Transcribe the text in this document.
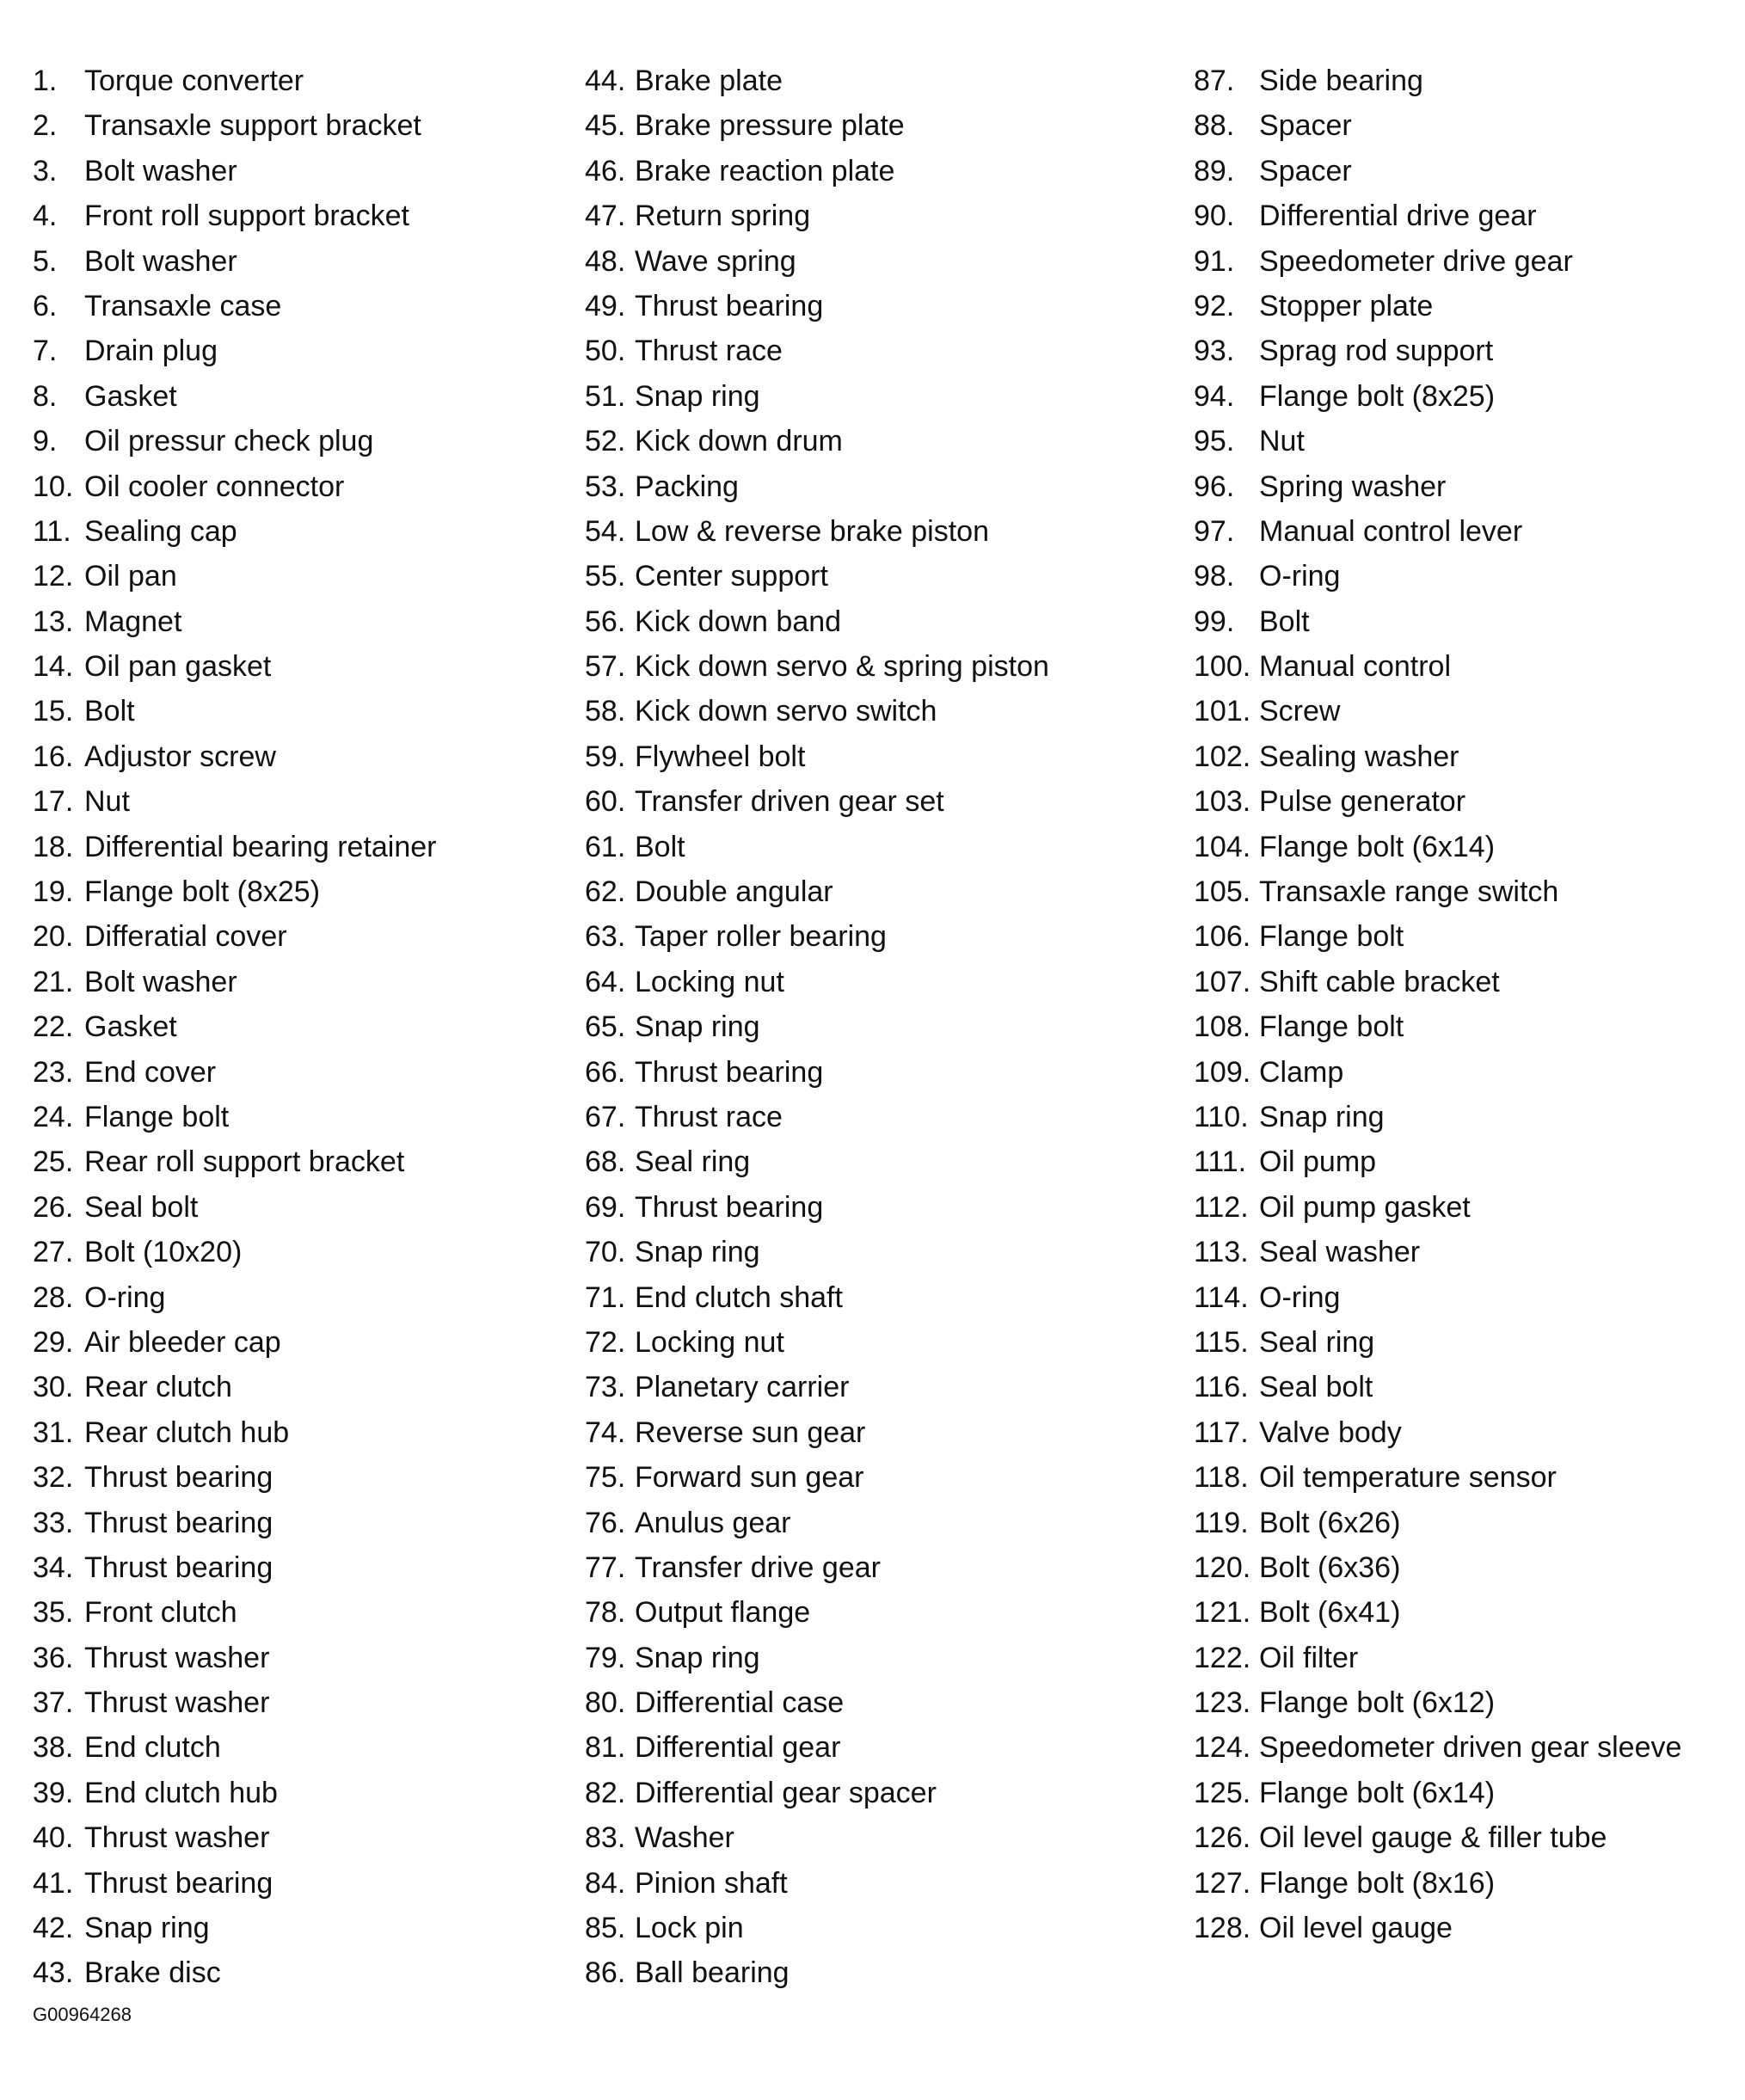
1. Torque converter
2. Transaxle support bracket
3. Bolt washer
4. Front roll support bracket
5. Bolt washer
6. Transaxle case
7. Drain plug
8. Gasket
9. Oil pressur check plug
10. Oil cooler connector
11. Sealing cap
12. Oil pan
13. Magnet
14. Oil pan gasket
15. Bolt
16. Adjustor screw
17. Nut
18. Differential bearing retainer
19. Flange bolt (8x25)
20. Differatial cover
21. Bolt washer
22. Gasket
23. End cover
24. Flange bolt
25. Rear roll support bracket
26. Seal bolt
27. Bolt (10x20)
28. O-ring
29. Air bleeder cap
30. Rear clutch
31. Rear clutch hub
32. Thrust bearing
33. Thrust bearing
34. Thrust bearing
35. Front clutch
36. Thrust washer
37. Thrust washer
38. End clutch
39. End clutch hub
40. Thrust washer
41. Thrust bearing
42. Snap ring
43. Brake disc
44. Brake plate
45. Brake pressure plate
46. Brake reaction plate
47. Return spring
48. Wave spring
49. Thrust bearing
50. Thrust race
51. Snap ring
52. Kick down drum
53. Packing
54. Low & reverse brake piston
55. Center support
56. Kick down band
57. Kick down servo & spring piston
58. Kick down servo switch
59. Flywheel bolt
60. Transfer driven gear set
61. Bolt
62. Double angular
63. Taper roller bearing
64. Locking nut
65. Snap ring
66. Thrust bearing
67. Thrust race
68. Seal ring
69. Thrust bearing
70. Snap ring
71. End clutch shaft
72. Locking nut
73. Planetary carrier
74. Reverse sun gear
75. Forward sun gear
76. Anulus gear
77. Transfer drive gear
78. Output flange
79. Snap ring
80. Differential case
81. Differential gear
82. Differential gear spacer
83. Washer
84. Pinion shaft
85. Lock pin
86. Ball bearing
87. Side bearing
88. Spacer
89. Spacer
90. Differential drive gear
91. Speedometer drive gear
92. Stopper plate
93. Sprag rod support
94. Flange bolt (8x25)
95. Nut
96. Spring washer
97. Manual control lever
98. O-ring
99. Bolt
100. Manual control
101. Screw
102. Sealing washer
103. Pulse generator
104. Flange bolt (6x14)
105. Transaxle range switch
106. Flange bolt
107. Shift cable bracket
108. Flange bolt
109. Clamp
110. Snap ring
111. Oil pump
112. Oil pump gasket
113. Seal washer
114. O-ring
115. Seal ring
116. Seal bolt
117. Valve body
118. Oil temperature sensor
119. Bolt (6x26)
120. Bolt (6x36)
121. Bolt (6x41)
122. Oil filter
123. Flange bolt (6x12)
124. Speedometer driven gear sleeve
125. Flange bolt (6x14)
126. Oil level gauge & filler tube
127. Flange bolt (8x16)
128. Oil level gauge
G00964268
